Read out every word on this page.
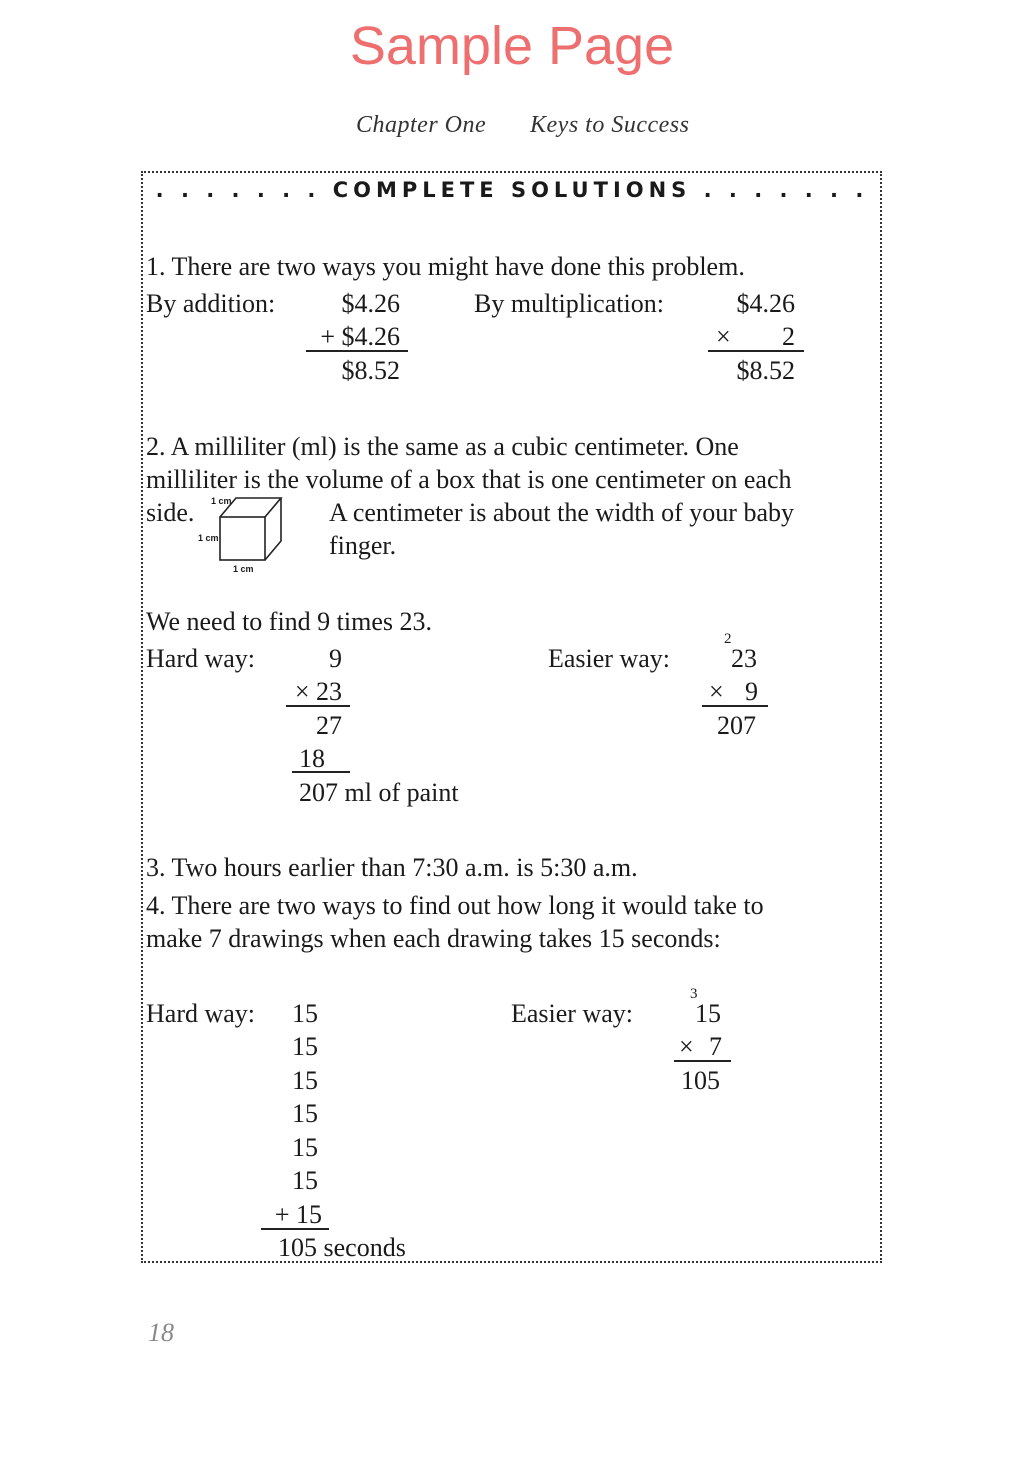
Sample Page
Chapter One Keys to Success
. . . . . . . COMPLETE SOLUTIONS . . . . . . .
1. There are two ways you might have done this problem.
By addition:	$4.26
+ $4.26
$8.52
By multiplication:	$4.26
×	2
$8.52
2. A milliliter (ml) is the same as a cubic centimeter. One
milliliter is the volume of a box that is one centimeter on each
side.	A centimeter is about the width of your baby
finger.
1 cm
1 cm
1 cm
We need to find 9 times 23.
Hard way:	9
× 23
27
18
207 ml of paint
Easier way:
2
23
× 9
207
3. Two hours earlier than 7:30 a.m. is 5:30 a.m.
4. There are two ways to find out how long it would take to
make 7 drawings when each drawing takes 15 seconds:
Hard way: 15
15
15
15
15
15
+ 15
105 seconds
Easier way:
3
15
× 7
105
18
